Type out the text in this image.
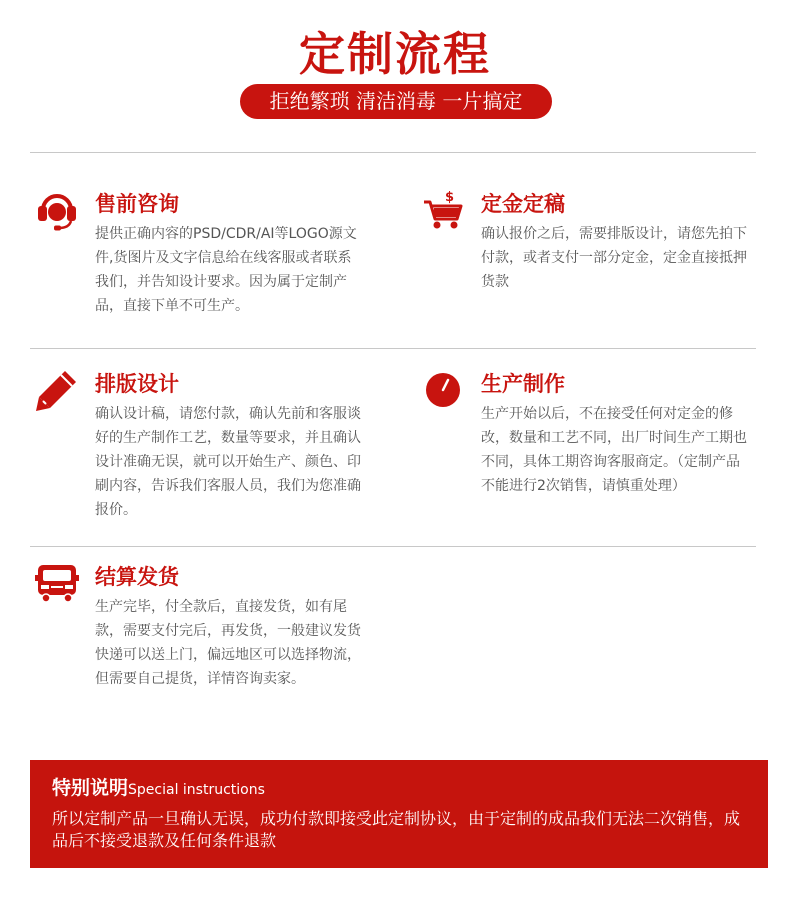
定制流程
拒绝繁琐 清洁消毒 一片搞定
售前咨询

提供正确内容的PSD/CDR/AI等LOGO源文件,货图片及文字信息给在线客服或者联系我们，并告知设计要求。因为属于定制产品，直接下单不可生产。

$ 定金定稿

确认报价之后，需要排版设计，请您先拍下付款，或者支付一部分定金，定金直接抵押货款

排版设计

确认设计稿，请您付款，确认先前和客服谈好的生产制作工艺，数量等要求，并且确认设计准确无误，就可以开始生产、颜色、印刷内容，告诉我们客服人员，我们为您准确报价。

生产制作

生产开始以后，不在接受任何对定金的修改，数量和工艺不同，出厂时间生产工期也不同，具体工期咨询客服商定。（定制产品不能进行2次销售，请慎重处理）

结算发货

生产完毕，付全款后，直接发货，如有尾款，需要支付完后，再发货，一般建议发货快递可以送上门，偏远地区可以选择物流，但需要自己提货，详情咨询卖家。

特别说明Special instructions

所以定制产品一旦确认无误，成功付款即接受此定制协议，由于定制的成品我们无法二次销售，成品后不接受退款及任何条件退款
